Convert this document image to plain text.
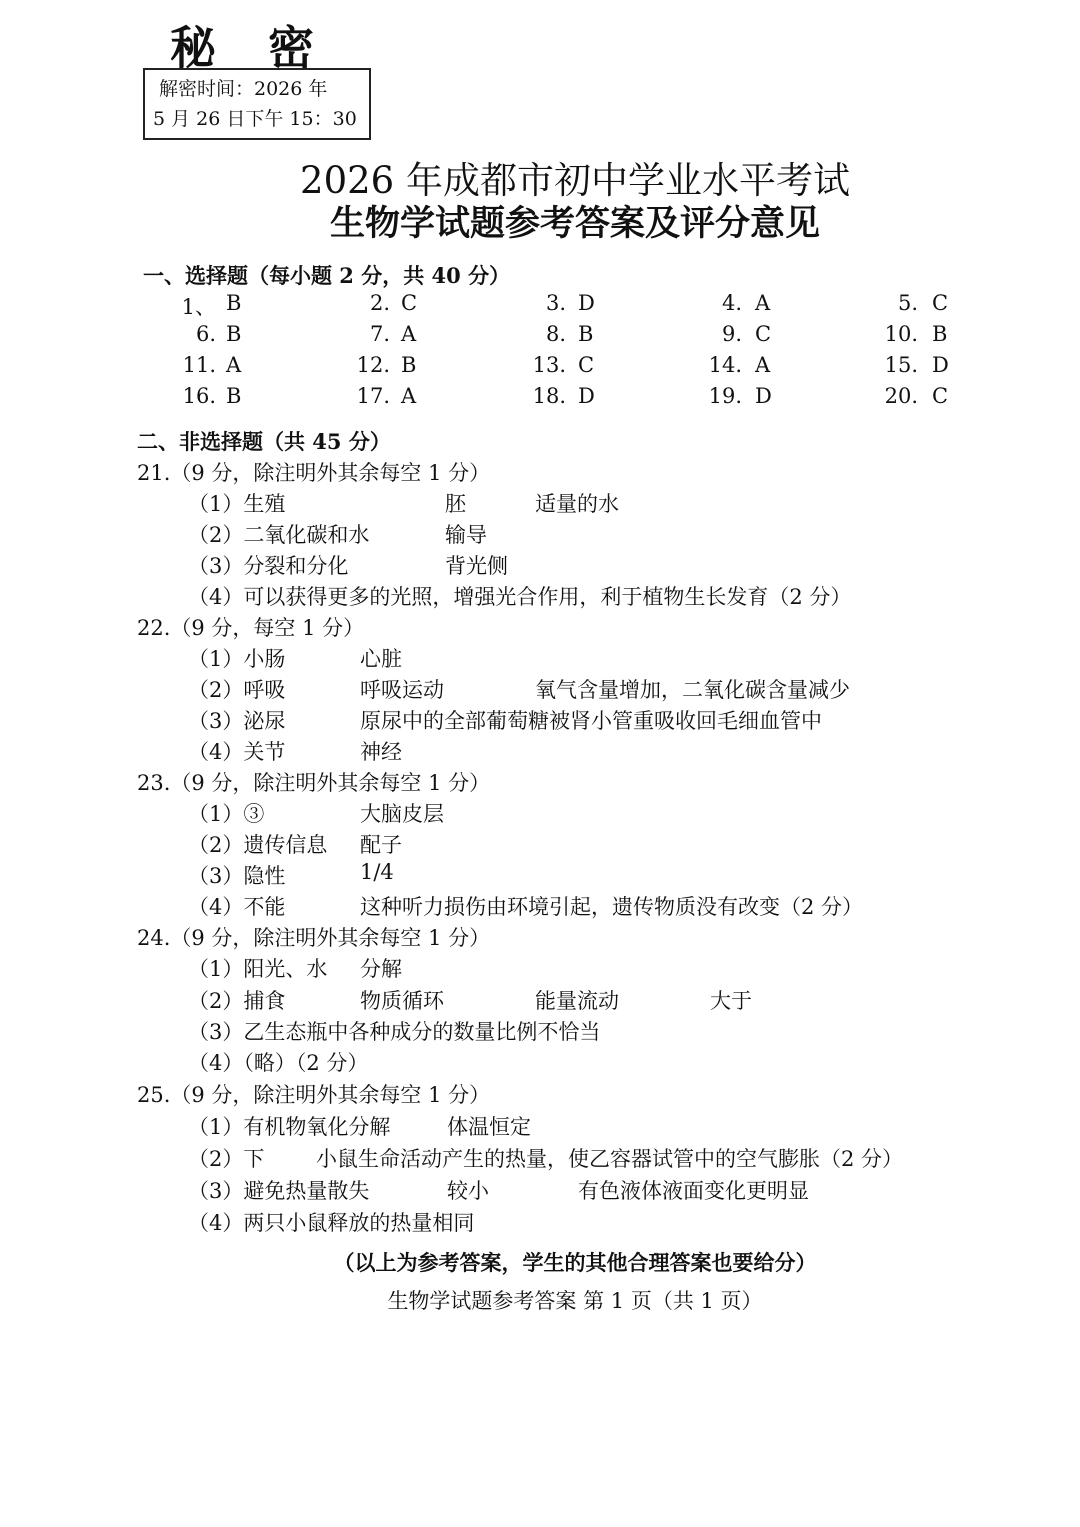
秘 密
解密时间：2026 年
5 月 26 日下午 15：30
2026 年成都市初中学业水平考试
生物学试题参考答案及评分意见
一、选择题（每小题 2 分，共 40 分）
1、 B	2. C	3. D	4. A	5. C
6. B	7. A	8. B	9. C	10. B
11. A	12. B	13. C	14. A	15. D
16. B	17. A	18. D	19. D	20. C
二、非选择题（共 45 分）
21.（9 分，除注明外其余每空 1 分）
（1）生殖	胚	适量的水
（2）二氧化碳和水	输导
（3）分裂和分化	背光侧
（4）可以获得更多的光照，增强光合作用，利于植物生长发育（2 分）
22.（9 分，每空 1 分）
（1）小肠	心脏
（2）呼吸	呼吸运动	氧气含量增加，二氧化碳含量减少
（3）泌尿	原尿中的全部葡萄糖被肾小管重吸收回毛细血管中
（4）关节	神经
23.（9 分，除注明外其余每空 1 分）
（1）③	大脑皮层
（2）遗传信息 配子
（3）隐性	1/4
（4）不能	这种听力损伤由环境引起，遗传物质没有改变（2 分）
24.（9 分，除注明外其余每空 1 分）
（1）阳光、水 分解
（2）捕食	物质循环	能量流动	大于
（3）乙生态瓶中各种成分的数量比例不恰当
（4）（略）（2 分）
25.（9 分，除注明外其余每空 1 分）
（1）有机物氧化分解	体温恒定
（2）下 小鼠生命活动产生的热量，使乙容器试管中的空气膨胀（2 分）
（3）避免热量散失	较小	有色液体液面变化更明显
（4）两只小鼠释放的热量相同
（以上为参考答案，学生的其他合理答案也要给分）
生物学试题参考答案 第 1 页（共 1 页）
